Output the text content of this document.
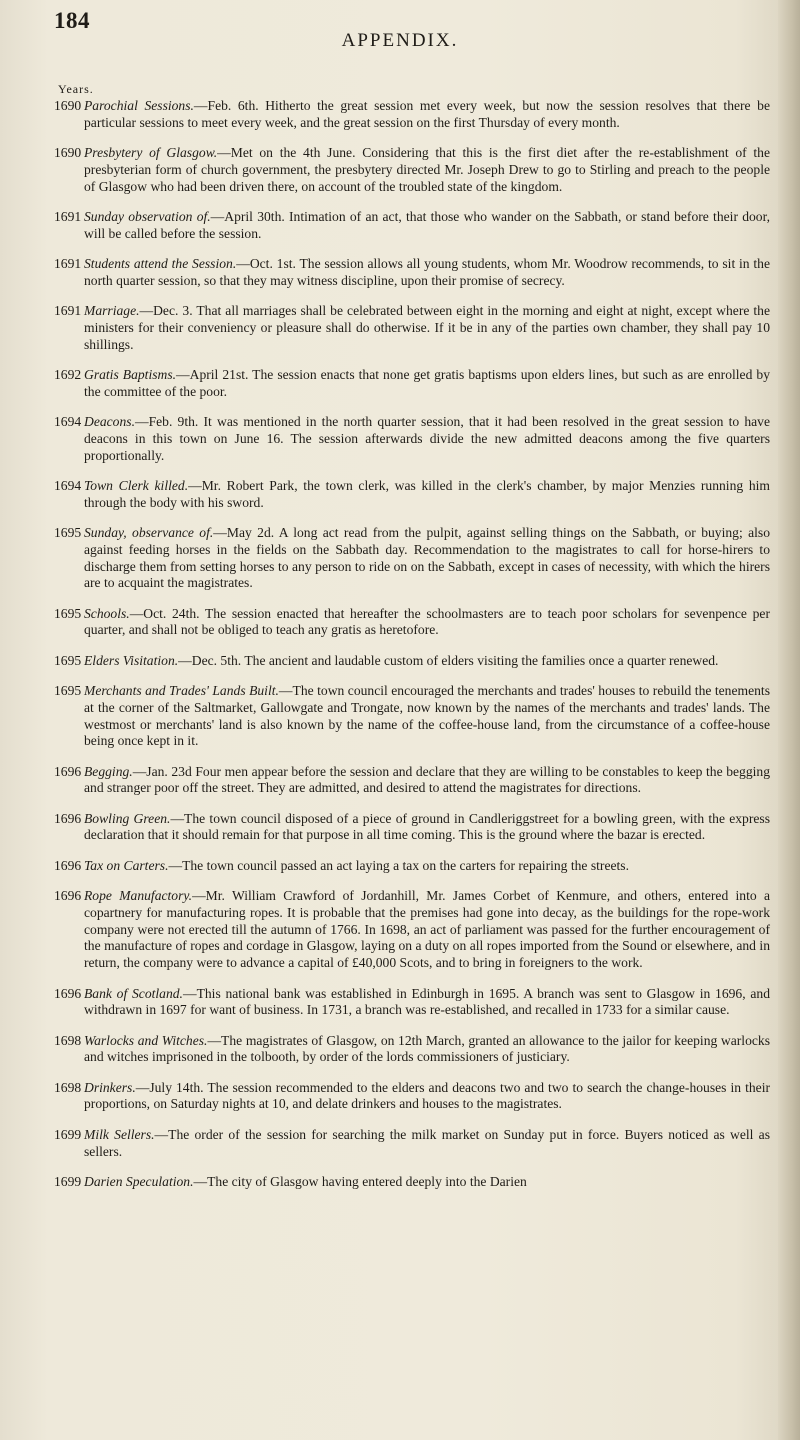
184
APPENDIX.
Years.

1690 Parochial Sessions.—Feb. 6th. Hitherto the great session met every week, but now the session resolves that there be particular sessions to meet every week, and the great session on the first Thursday of every month.

1690 Presbytery of Glasgow.—Met on the 4th June. Considering that this is the first diet after the re-establishment of the presbyterian form of church government, the presbytery directed Mr. Joseph Drew to go to Stirling and preach to the people of Glasgow who had been driven there, on account of the troubled state of the kingdom.

1691 Sunday observation of.—April 30th. Intimation of an act, that those who wander on the Sabbath, or stand before their door, will be called before the session.

1691 Students attend the Session.—Oct. 1st. The session allows all young students, whom Mr. Woodrow recommends, to sit in the north quarter session, so that they may witness discipline, upon their promise of secrecy.

1691 Marriage.—Dec. 3. That all marriages shall be celebrated between eight in the morning and eight at night, except where the ministers for their conveniency or pleasure shall do otherwise. If it be in any of the parties own chamber, they shall pay 10 shillings.

1692 Gratis Baptisms.—April 21st. The session enacts that none get gratis baptisms upon elders lines, but such as are enrolled by the committee of the poor.

1694 Deacons.—Feb. 9th. It was mentioned in the north quarter session, that it had been resolved in the great session to have deacons in this town on June 16. The session afterwards divide the new admitted deacons among the five quarters proportionally.

1694 Town Clerk killed.—Mr. Robert Park, the town clerk, was killed in the clerk's chamber, by major Menzies running him through the body with his sword.

1695 Sunday, observance of.—May 2d. A long act read from the pulpit, against selling things on the Sabbath, or buying; also against feeding horses in the fields on the Sabbath day. Recommendation to the magistrates to call for horse-hirers to discharge them from setting horses to any person to ride on on the Sabbath, except in cases of necessity, with which the hirers are to acquaint the magistrates.

1695 Schools.—Oct. 24th. The session enacted that hereafter the schoolmasters are to teach poor scholars for sevenpence per quarter, and shall not be obliged to teach any gratis as heretofore.

1695 Elders Visitation.—Dec. 5th. The ancient and laudable custom of elders visiting the families once a quarter renewed.

1695 Merchants and Trades' Lands Built.—The town council encouraged the merchants and trades' houses to rebuild the tenements at the corner of the Saltmarket, Gallowgate and Trongate, now known by the names of the merchants and trades' lands. The westmost or merchants' land is also known by the name of the coffee-house land, from the circumstance of a coffee-house being once kept in it.

1696 Begging.—Jan. 23d Four men appear before the session and declare that they are willing to be constables to keep the begging and stranger poor off the street. They are admitted, and desired to attend the magistrates for directions.

1696 Bowling Green.—The town council disposed of a piece of ground in Candleriggstreet for a bowling green, with the express declaration that it should remain for that purpose in all time coming. This is the ground where the bazar is erected.

1696 Tax on Carters.—The town council passed an act laying a tax on the carters for repairing the streets.

1696 Rope Manufactory.—Mr. William Crawford of Jordanhill, Mr. James Corbet of Kenmure, and others, entered into a copartnery for manufacturing ropes. It is probable that the premises had gone into decay, as the buildings for the rope-work company were not erected till the autumn of 1766. In 1698, an act of parliament was passed for the further encouragement of the manufacture of ropes and cordage in Glasgow, laying on a duty on all ropes imported from the Sound or elsewhere, and in return, the company were to advance a capital of £40,000 Scots, and to bring in foreigners to the work.

1696 Bank of Scotland.—This national bank was established in Edinburgh in 1695. A branch was sent to Glasgow in 1696, and withdrawn in 1697 for want of business. In 1731, a branch was re-established, and recalled in 1733 for a similar cause.

1698 Warlocks and Witches.—The magistrates of Glasgow, on 12th March, granted an allowance to the jailor for keeping warlocks and witches imprisoned in the tolbooth, by order of the lords commissioners of justiciary.

1698 Drinkers.—July 14th. The session recommended to the elders and deacons two and two to search the change-houses in their proportions, on Saturday nights at 10, and delate drinkers and houses to the magistrates.

1699 Milk Sellers.—The order of the session for searching the milk market on Sunday put in force. Buyers noticed as well as sellers.

1699 Darien Speculation.—The city of Glasgow having entered deeply into the Darien
